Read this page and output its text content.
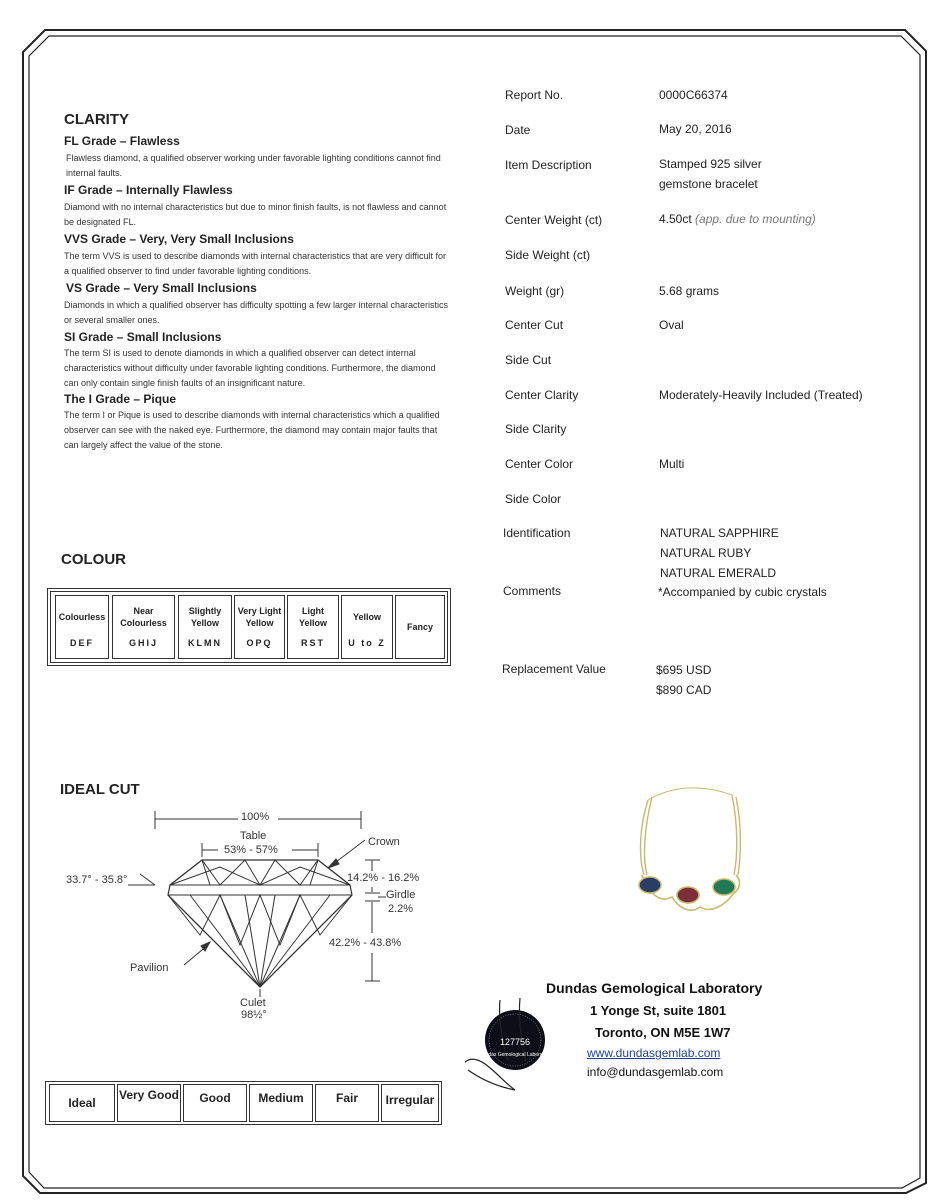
CLARITY
FL Grade – Flawless
Flawless diamond, a qualified observer working under favorable lighting conditions cannot find internal faults.
IF Grade – Internally Flawless
Diamond with no internal characteristics but due to minor finish faults, is not flawless and cannot be designated FL.
VVS Grade – Very, Very Small Inclusions
The term VVS is used to describe diamonds with internal characteristics that are very difficult for a qualified observer to find under favorable lighting conditions.
VS Grade – Very Small Inclusions
Diamonds in which a qualified observer has difficulty spotting a few larger internal characteristics or several smaller ones.
SI Grade – Small Inclusions
The term SI is used to denote diamonds in which a qualified observer can detect internal characteristics without difficulty under favorable lighting conditions. Furthermore, the diamond can only contain single finish faults of an insignificant nature.
The I Grade – Pique
The term I or Pique is used to describe diamonds with internal characteristics which a qualified observer can see with the naked eye. Furthermore, the diamond may contain major faults that can largely affect the value of the stone.
COLOUR
Colourless
DEF
Near Colourless
GHIJ
Slightly Yellow
KLMN
Very Light Yellow
OPQ
Light Yellow
RST
Yellow
U to Z
Fancy
IDEAL CUT
100%
Table
53% - 57%
Crown
33.7° - 35.8°	14.2% - 16.2%
Girdle
2.2%
42.2% - 43.8%
Pavilion
Culet
98½°
Ideal
Very Good	Good	Medium	Fair	Irregular
Report No.	0000C66374
Date	May 20, 2016
Item Description	Stamped 925 silver
gemstone bracelet
Center Weight (ct)	4.50ct (app. due to mounting)
Side Weight (ct)
Weight (gr)	5.68 grams
Center Cut	Oval
Side Cut
Center Clarity	Moderately-Heavily Included (Treated)
Side Clarity
Center Color	Multi
Side Color
Identification	NATURAL SAPPHIRE
NATURAL RUBY
NATURAL EMERALD
Comments	*Accompanied by cubic crystals
Replacement Value	$695 USD
$890 CAD
Dundas Gemological Laboratory
1 Yonge St, suite 1801
Toronto, ON M5E 1W7
www.dundasgemlab.com
info@dundasgemlab.com
127756
Dundas Gemological Laboratory
